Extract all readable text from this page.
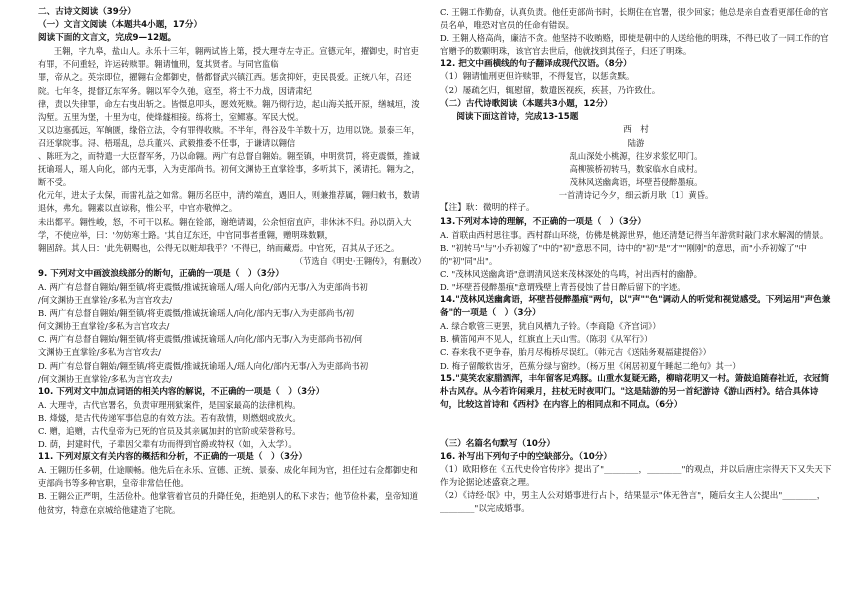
二、古诗文阅读（39分）

（一）文言文阅读（本题共4小题，17分）

阅读下面的文言文，完成9—12题。

王翱，字九皋，盐山人。永乐十三年，翱两试皆上第，授大理寺左寺正。宣德元年，擢御史，时官吏有罪，不问重轻，许运砖赎罪。翱请恤刑，复其贤者。与同官监临

罪，帝从之。英宗即位，擢翱右佥都御史，偕都督武兴镇江西。惩贪抑奸，吏民畏爱。正统八年，召还院。七年冬，提督辽东军务。翱以军令久弛，寇至，将士不力战，因请肃纪

律，责以失律罪，命左右曳出斩之。皆慑息叩头，愿效死赎。翱乃彻行边，起山海关抵开原，缮城垣，浚沟堑。五里为堡，十里为屯，使烽燧相接。练将士，室鳏寡。军民大悦。

又以边塞孤远，军餉匮，缘俗立法，令有罪得收赎。不半年，得谷及牛羊数十万，边用以饶。景泰三年，召还掌院事。浔、梧瑶乱，总兵董兴、武毅推委不任事，于谦请以翱信

、陈旺为之，而特遣一大臣督军务，乃以命翱。两广有总督自翱始。翱至镇，申明赏罚，将吏震慑，推诚抚谕瑶人，瑶人向化，部内无事，入为吏部尚书。初何文渊协王直掌铨事，多听其下，溪请托。翱为之，断不受。

化元年，进太子太保，而雷礼益之如常。翱历名臣中，清约端直，遇旧人，则兼推荐属，翱归敕书，数请退休，弗允。翱素以直谅称，惟公平，中官亦敬惮之。

未出都平。翱性峻，怒，不可干以私。翱在铨部，谢绝请谒，公余恒宿直庐，非休沐不归。孙以荫入大学，不使应举，曰：'勿妨寒士路。'其自辽东还，中官同事者重翱，赠明珠数颗，

翱固辞。其人曰：'此先朝赐也，公得无以赃却我乎？'不得已，纳而藏焉。中官死，召其从子还之。

（节选自《明史·王翱传》，有删改）

9. 下列对文中画波浪线部分的断句，正确的一项是（　）（3分）

A. 两广有总督自翱始/翱至镇/将吏震慑/推诚抚谕瑶人/瑶人向化/部内无事/入为吏部尚书初

/何文渊协王直掌铨/多私为言官攻去/

B. 两广有总督自翱始/翱至镇/将吏震慑/推诚抚谕瑶人/向化/部内无事/入为吏部尚书/初

何文渊协王直掌铨/多私为言官攻去/

C. 两广有总督自翱始/翱至镇/将吏震慑/推诚抚谕瑶人/向化/部内无事/入为吏部尚书初/何

文渊协王直掌铨/多私为言官攻去/

D. 两广有总督自翱始/翱至镇/将吏震慑/推诚抚谕瑶人/瑶人向化/部内无事/入为吏部尚书初

/何文渊协王直掌铨/多私为言官攻去/

10. 下列对文中加点词语的相关内容的解说，不正确的一项是（　）（3分）

A. 大理寺，古代官署名，负责审理刑狱案件，是国家最高的法律机构。

B. 烽燧，是古代传递军事信息的有效方法。若有敌情，则燃烟或放火。

C. 赠，追赠，古代皇帝为已死的官员及其亲属加封的官阶或荣誉称号。

D. 荫，封建时代，子辈因父辈有功而得到官爵或特权（如，入太学）。

11. 下列对原文有关内容的概括和分析，不正确的一项是（　）（3分）

A. 王翱历任多朝，仕途顺畅。他先后在永乐、宣德、正统、景泰、成化年间为官，担任过右佥都御史和吏部尚书等多种官职，皇帝非常信任他。

B. 王翱公正严明，生活俭朴。他掌管着官员的升降任免，拒绝别人的私下求告；他节俭朴素，皇帝知道他贫穷，特意在京城给他建造了宅院。

C. 王翱工作勤奋，认真负责。他任吏部尚书时，长期住在官署，很少回家；他总是亲自查看更部任命的官员名单，唯恐对官员的任命有错误。

D. 王翱人格高尚，廉洁不贪。他坚持不收贿赂，即使是朝中的人送给他的明珠，不得已收了一同工作的官官赠予的数颗明珠，该官官去世后，他就找到其侄子，归还了明珠。

12. 把文中画横线的句子翻译成现代汉语。（8分）

（1）翱请恤刑更但许赎罪，不得复官，以惩贪黩。

（2）屡疏乞归，辄慰留，数遣医视疾，疾甚，乃许致仕。

（二）古代诗歌阅读（本题共3小题，12分）

阅读下面这首诗，完成13-15题

西　村

陆游

乱山深处小桃源，往岁求浆忆叩门。

高柳簇桥初转马，数家临水自成村。

茂林风送幽禽语，坏壁苔侵醉墨痕。

一首清诗记今夕，细云新月耿〔1〕黄昏。

【注】耿：微明的样子。

13.下列对本诗的理解，不正确的一项是（　）（3分）

A. 首联由西村思往事。西村群山环绕，仿佛是桃源世界，他还清楚记得当年游赏时敲门求水解渴的情景。

B. "初转马"与"小乔初嫁了"中的"初"意思不同，诗中的"初"是"才""刚刚"的意思，而"小乔初嫁了"中的"初"同"出"。

C. "茂林风送幽禽语"意谓清风送来茂林深处的鸟鸣，衬出西村的幽静。

D. "坏壁苔侵醉墨痕"意谓残壁上青苔侵蚀了昔日醉后留下的字迹。

14."茂林风送幽禽语，坏壁苔侵醉墨痕"两句，以"声""色"调动人的听觉和视觉感受。下列运用"声色兼备"的一项是（　）（3分）

A. 绿合歌管三更罢，犹自风栖九子铃。（李商隐《齐宫词》）

B. 横笛闻声不见人，红旗直上天山雪。（陈羽《从军行》）

C. 春来我不更争春，胎月尽梅桥尽误红。（韩元吉《送陆务观福建提俗》）

D. 梅子留酸软齿牙，芭蕉分绿与窗纱。（杨万里《闲居初夏午睡起二绝句》其一）

15."莫笑农家腊酒浑，丰年留客足鸡豚。山重水复疑无路，柳暗花明又一村。箫鼓追随春社近，衣冠简朴古风存。从今若许闲乘月，拄杖无时夜叩门。"这是陆游的另一首纪游诗《游山西村》。结合具体诗句，比较这首诗和《西村》在内容上的相同点和不同点。（6分）

（三）名篇名句默写（10分）

16. 补写出下列句子中的空缺部分。（10分）

（1）欧阳修在《五代史伶官传序》提出了"________，________"的观点，并以后唐庄宗得天下又失天下作为论据论述盛衰之理。

（2）《诗经·氓》中，男主人公对婚事进行占卜，结果显示"体无咎言"，随后女主人公提出"________，________"以完成婚事。
